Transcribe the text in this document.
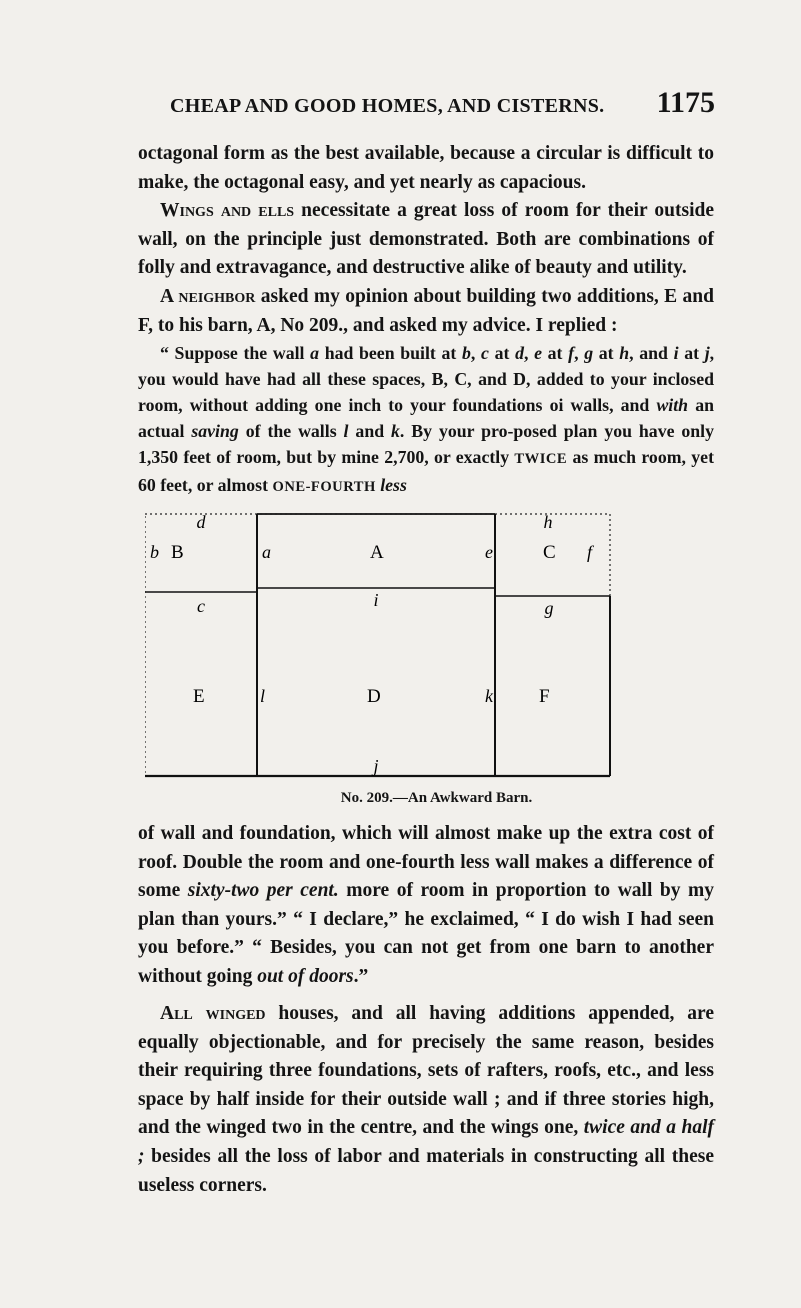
CHEAP AND GOOD HOMES, AND CISTERNS. 1175
octagonal form as the best available, because a circular is difficult to make, the octagonal easy, and yet nearly as capacious.
Wings and ells necessitate a great loss of room for their outside wall, on the principle just demonstrated. Both are combinations of folly and extravagance, and destructive alike of beauty and utility.
A neighbor asked my opinion about building two additions, E and F, to his barn, A, No 209., and asked my advice. I replied :
“ Suppose the wall a had been built at b, c at d, e at f, g at h, and i at j, you would have had all these spaces, B, C, and D, added to your inclosed room, without adding one inch to your foundations oi walls, and with an actual saving of the walls l and k. By your pro-posed plan you have only 1,350 feet of room, but by mine 2,700, or exactly TWICE as much room, yet 60 feet, or almost ONE-FOURTH less
d
b B	a	A	e
h
C f
c	i	g
E	l	D	k F
j
No. 209.—An Awkward Barn.
of wall and foundation, which will almost make up the extra cost of roof. Double the room and one-fourth less wall makes a difference of some sixty-two per cent. more of room in proportion to wall by my plan than yours.” “ I declare,” he exclaimed, “ I do wish I had seen you before.” “ Besides, you can not get from one barn to another without going out of doors.”
All winged houses, and all having additions appended, are equally objectionable, and for precisely the same reason, besides their requiring three foundations, sets of rafters, roofs, etc., and less space by half inside for their outside wall ; and if three stories high, and the winged two in the centre, and the wings one, twice and a half ; besides all the loss of labor and materials in constructing all these useless corners.
